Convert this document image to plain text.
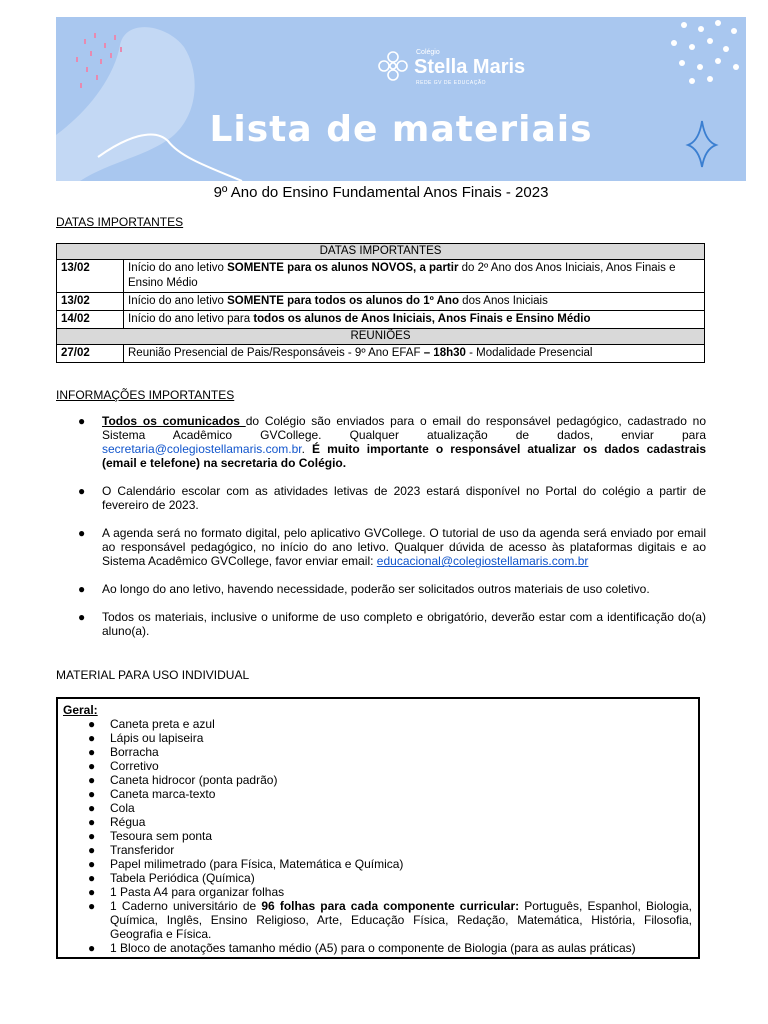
Colégio
Stella Maris
REDE GV DE EDUCAÇÃO
Lista de materiais
9º Ano do Ensino Fundamental Anos Finais - 2023
DATAS IMPORTANTES
DATAS IMPORTANTES	
13/02	Início do ano letivo SOMENTE para os alunos NOVOS, a partir do 2º Ano dos Anos Iniciais, Anos Finais e Ensino Médio
13/02	Início do ano letivo SOMENTE para todos os alunos do 1º Ano dos Anos Iniciais
14/02	Início do ano letivo para todos os alunos de Anos Iniciais, Anos Finais e Ensino Médio
REUNIÕES	
27/02	Reunião Presencial de Pais/Responsáveis - 9º Ano EFAF – 18h30 - Modalidade Presencial
INFORMAÇÕES IMPORTANTES
● Todos os comunicados do Colégio são enviados para o email do responsável pedagógico, cadastrado no Sistema Acadêmico GVCollege. Qualquer atualização de dados, enviar para secretaria@colegiostellamaris.com.br. É muito importante o responsável atualizar os dados cadastrais (email e telefone) na secretaria do Colégio.
● O Calendário escolar com as atividades letivas de 2023 estará disponível no Portal do colégio a partir de fevereiro de 2023.
● A agenda será no formato digital, pelo aplicativo GVCollege. O tutorial de uso da agenda será enviado por email ao responsável pedagógico, no início do ano letivo. Qualquer dúvida de acesso às plataformas digitais e ao Sistema Acadêmico GVCollege, favor enviar email: educacional@colegiostellamaris.com.br
● Ao longo do ano letivo, havendo necessidade, poderão ser solicitados outros materiais de uso coletivo.
● Todos os materiais, inclusive o uniforme de uso completo e obrigatório, deverão estar com a identificação do(a) aluno(a).
MATERIAL PARA USO INDIVIDUAL
Geral:
● Caneta preta e azul
● Lápis ou lapiseira
● Borracha
● Corretivo
● Caneta hidrocor (ponta padrão)
● Caneta marca-texto
● Cola
● Régua
● Tesoura sem ponta
● Transferidor
● Papel milimetrado (para Física, Matemática e Química)
● Tabela Periódica (Química)
● 1 Pasta A4 para organizar folhas
● 1 Caderno universitário de 96 folhas para cada componente curricular: Português, Espanhol, Biologia, Química, Inglês, Ensino Religioso, Arte, Educação Física, Redação, Matemática, História, Filosofia, Geografia e Física.
● 1 Bloco de anotações tamanho médio (A5) para o componente de Biologia (para as aulas práticas)
